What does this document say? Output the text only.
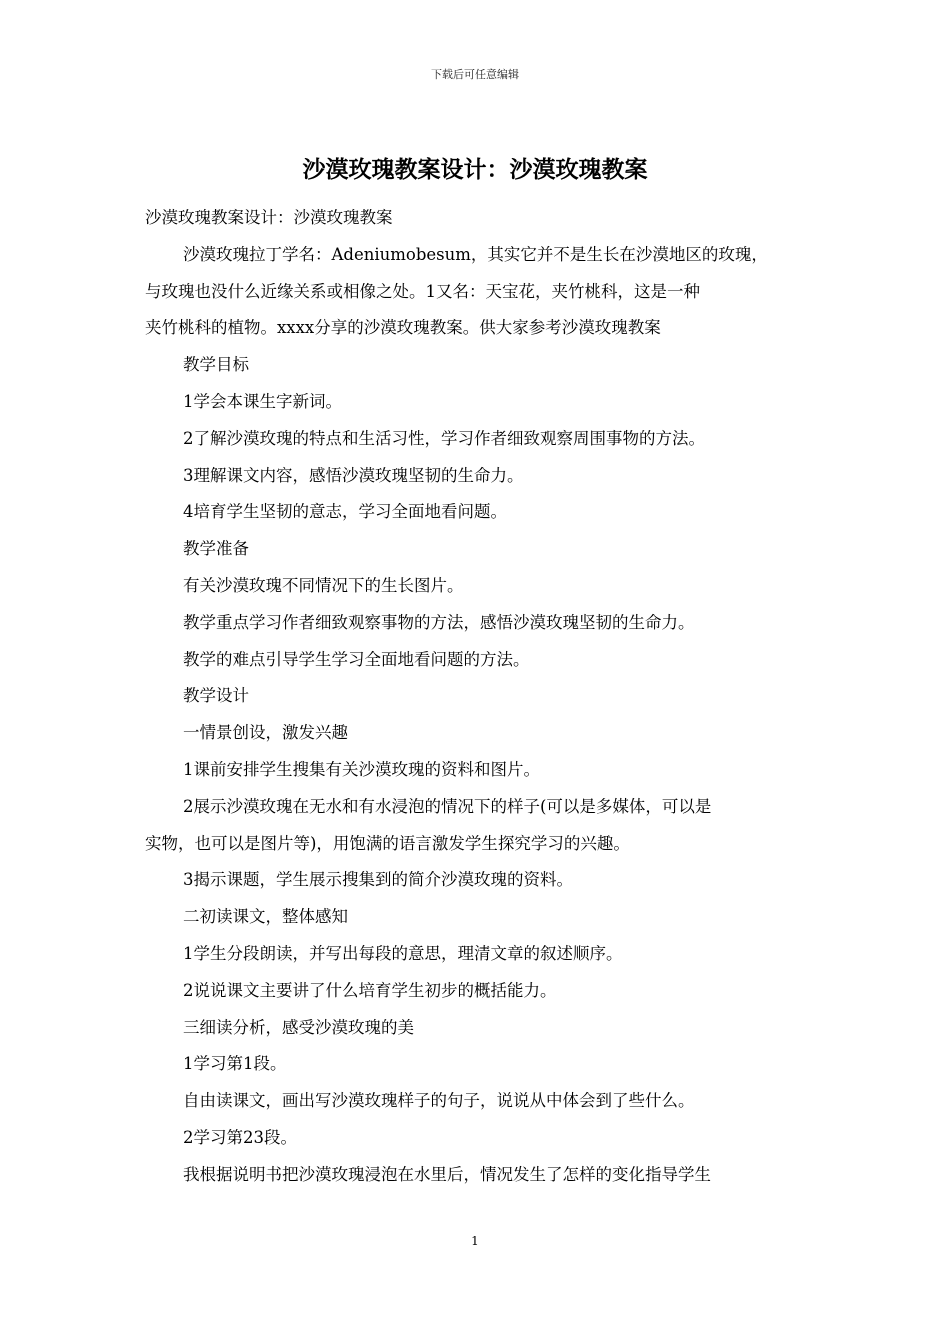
下载后可任意编辑
沙漠玫瑰教案设计：沙漠玫瑰教案

沙漠玫瑰教案设计：沙漠玫瑰教案

沙漠玫瑰拉丁学名：Adeniumobesum，其实它并不是生长在沙漠地区的玫瑰，

与玫瑰也没什么近缘关系或相像之处。1又名：天宝花，夹竹桃科，这是一种

夹竹桃科的植物。xxxx分享的沙漠玫瑰教案。供大家参考沙漠玫瑰教案

教学目标

1学会本课生字新词。

2了解沙漠玫瑰的特点和生活习性，学习作者细致观察周围事物的方法。

3理解课文内容，感悟沙漠玫瑰坚韧的生命力。

4培育学生坚韧的意志，学习全面地看问题。

教学准备

有关沙漠玫瑰不同情况下的生长图片。

教学重点学习作者细致观察事物的方法，感悟沙漠玫瑰坚韧的生命力。

教学的难点引导学生学习全面地看问题的方法。

教学设计

一情景创设，激发兴趣

1课前安排学生搜集有关沙漠玫瑰的资料和图片。

2展示沙漠玫瑰在无水和有水浸泡的情况下的样子(可以是多媒体，可以是

实物，也可以是图片等)，用饱满的语言激发学生探究学习的兴趣。

3揭示课题，学生展示搜集到的简介沙漠玫瑰的资料。

二初读课文，整体感知

1学生分段朗读，并写出每段的意思，理清文章的叙述顺序。

2说说课文主要讲了什么培育学生初步的概括能力。

三细读分析，感受沙漠玫瑰的美

1学习第1段。

自由读课文，画出写沙漠玫瑰样子的句子，说说从中体会到了些什么。

2学习第23段。

我根据说明书把沙漠玫瑰浸泡在水里后，情况发生了怎样的变化指导学生

1
